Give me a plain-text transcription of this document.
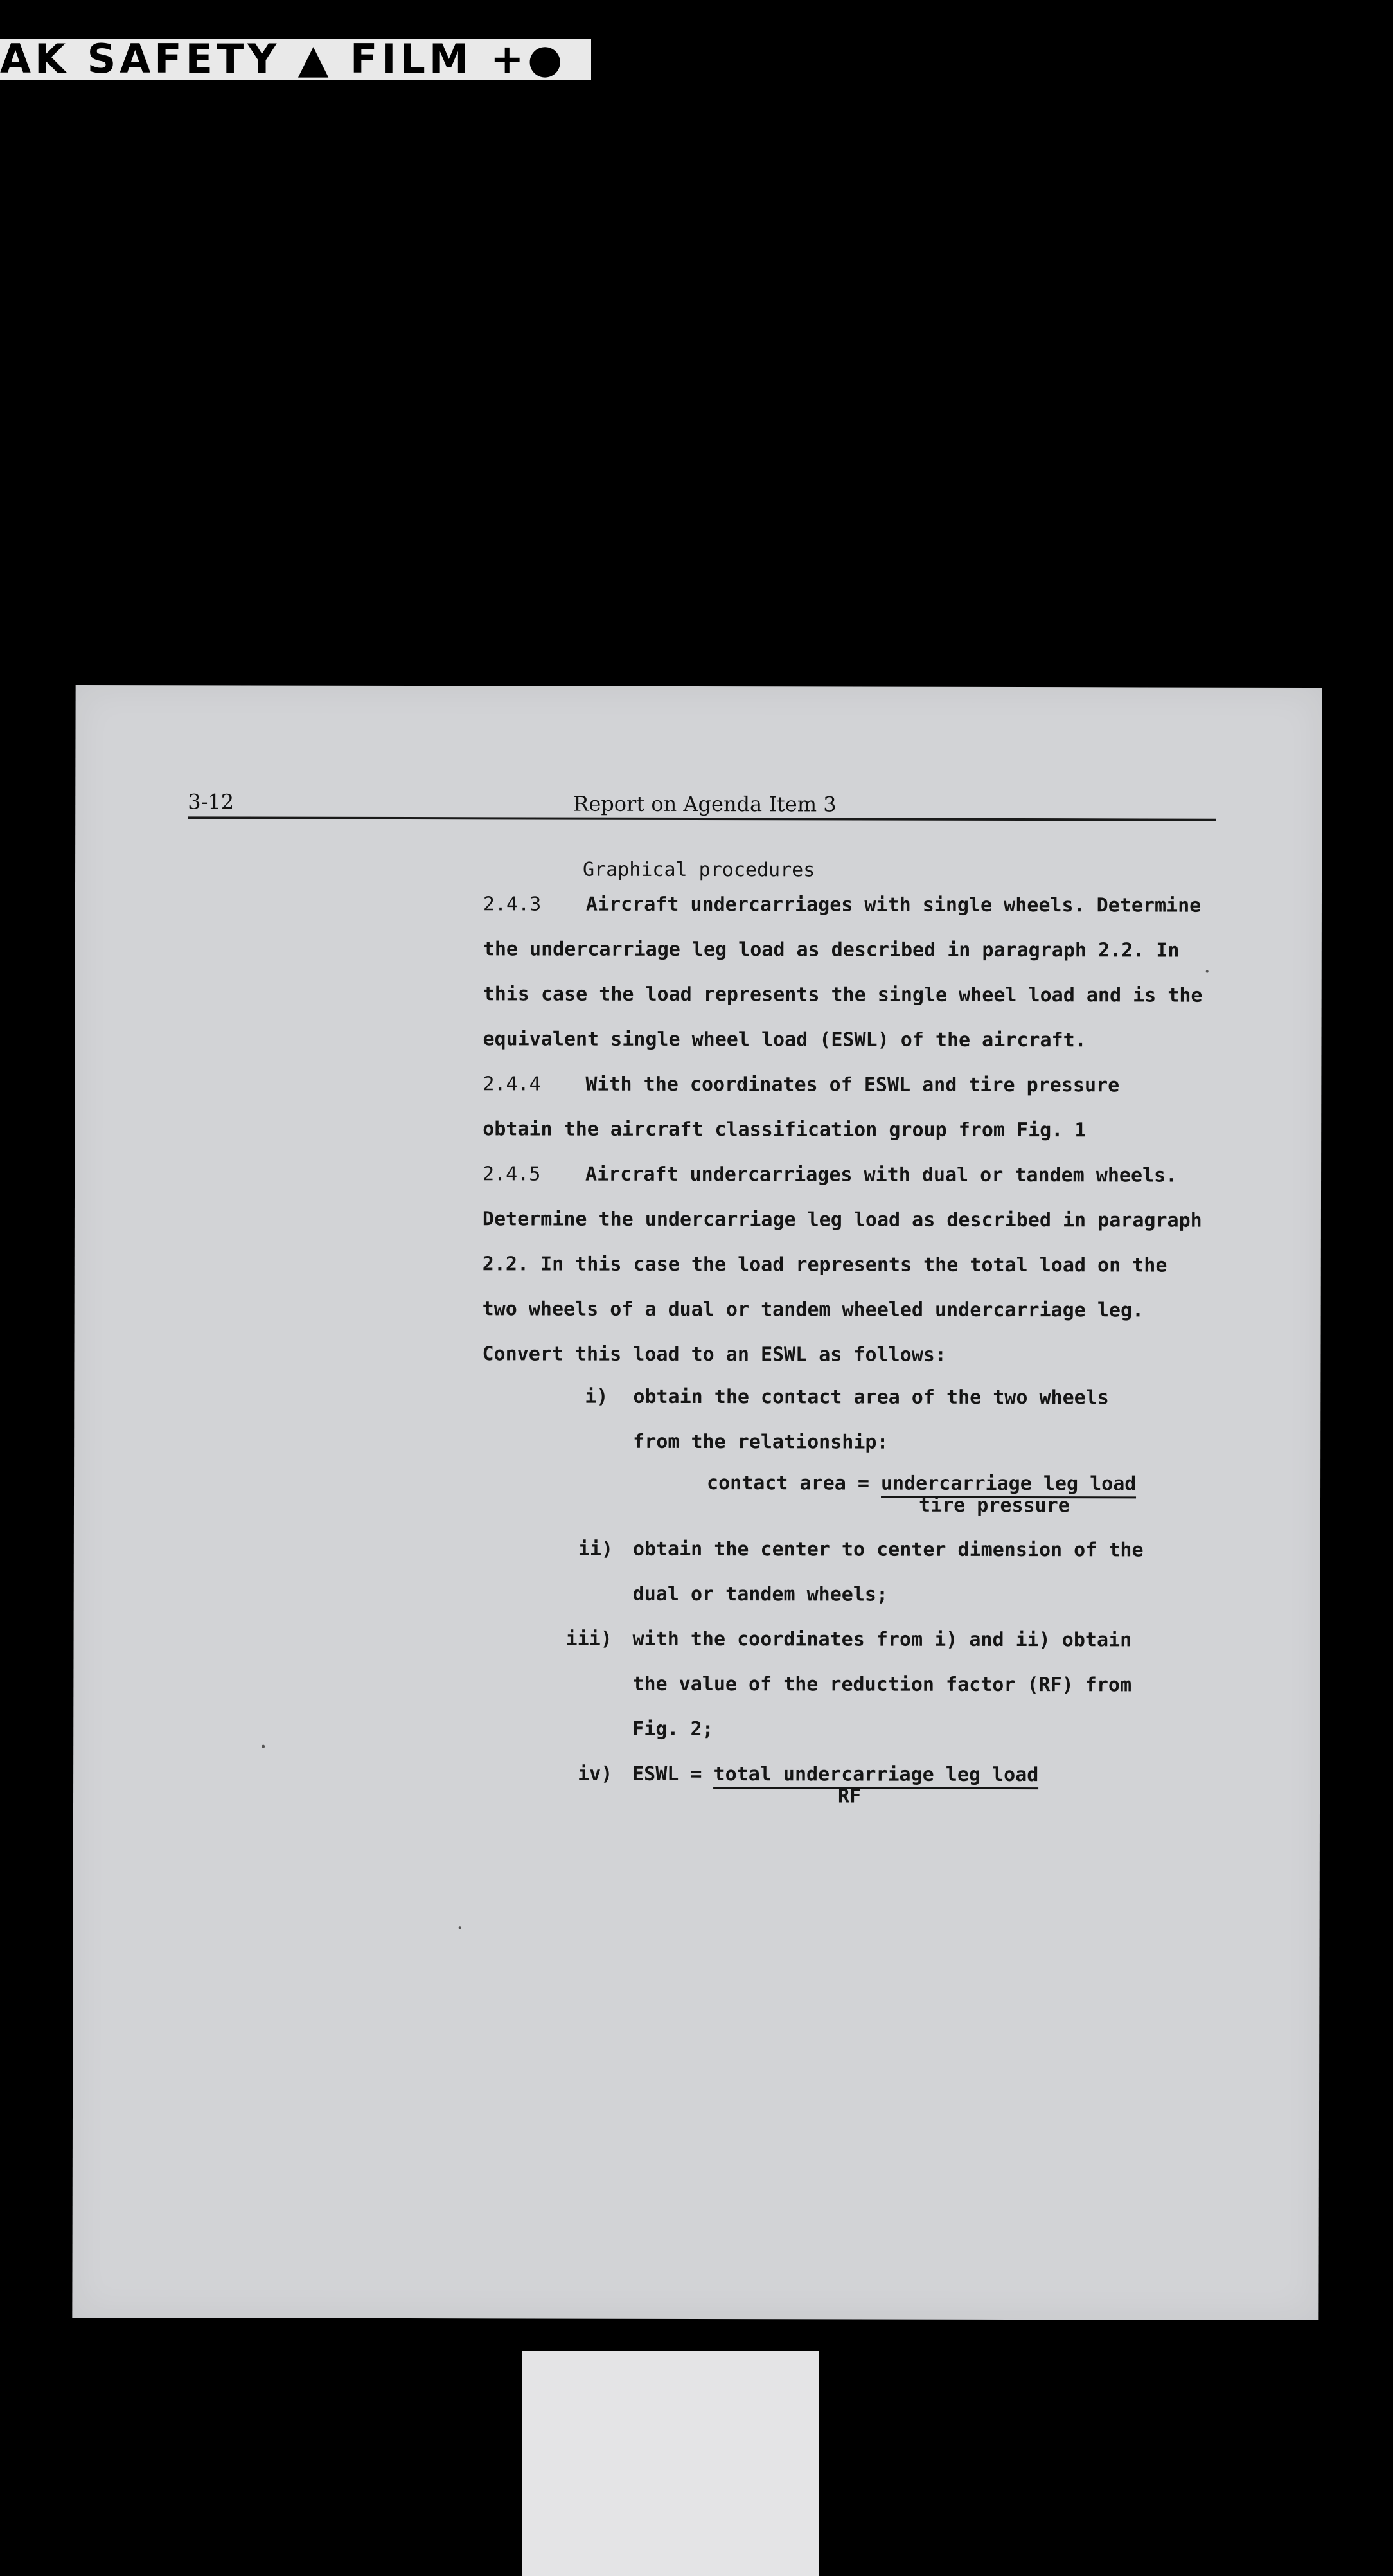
AK SAFETY ▲ FILM +●
3-12	Report on Agenda Item 3
Graphical procedures
2.4.3 Aircraft undercarriages with single wheels. Determine
the undercarriage leg load as described in paragraph 2.2. In
this case the load represents the single wheel load and is the
equivalent single wheel load (ESWL) of the aircraft.
2.4.4 With the coordinates of ESWL and tire pressure
obtain the aircraft classification group from Fig. 1
2.4.5 Aircraft undercarriages with dual or tandem wheels.
Determine the undercarriage leg load as described in paragraph
2.2. In this case the load represents the total load on the
two wheels of a dual or tandem wheeled undercarriage leg.
Convert this load to an ESWL as follows:
i) obtain the contact area of the two wheels
from the relationship:
contact area = undercarriage leg load
tire pressure
ii) obtain the center to center dimension of the
dual or tandem wheels;
iii) with the coordinates from i) and ii) obtain
the value of the reduction factor (RF) from
Fig. 2;
iv) ESWL = total undercarriage leg load
RF
